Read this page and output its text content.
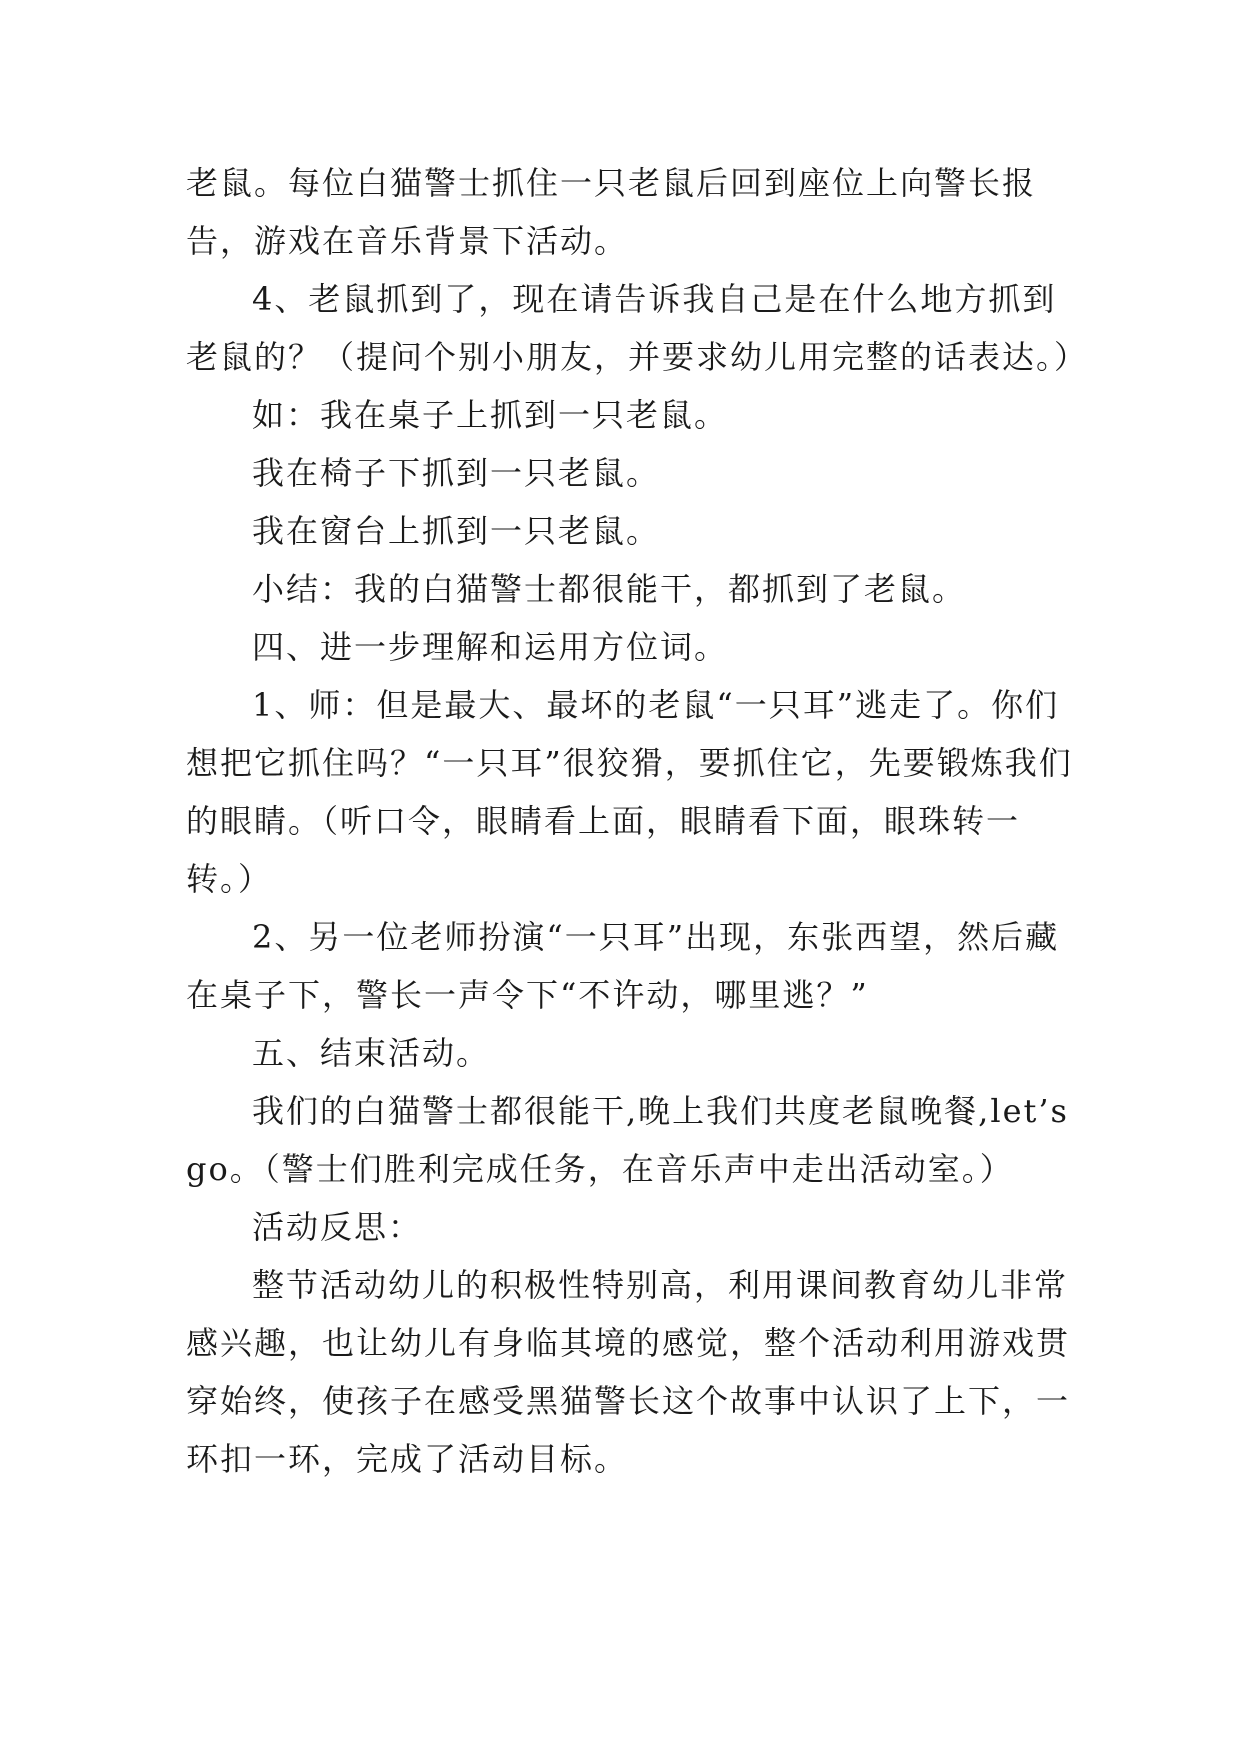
老鼠。每位白猫警士抓住一只老鼠后回到座位上向警长报告，游戏在音乐背景下活动。

4、老鼠抓到了，现在请告诉我自己是在什么地方抓到老鼠的？（提问个别小朋友，并要求幼儿用完整的话表达。）

如：我在桌子上抓到一只老鼠。

我在椅子下抓到一只老鼠。

我在窗台上抓到一只老鼠。

小结：我的白猫警士都很能干，都抓到了老鼠。

四、进一步理解和运用方位词。

1、师：但是最大、最坏的老鼠“一只耳”逃走了。你们想把它抓住吗？“一只耳”很狡猾，要抓住它，先要锻炼我们的眼睛。（听口令，眼睛看上面，眼睛看下面，眼珠转一转。）

2、另一位老师扮演“一只耳”出现，东张西望，然后藏在桌子下，警长一声令下“不许动，哪里逃？”

五、结束活动。

我们的白猫警士都很能干,晚上我们共度老鼠晚餐,let’s go。（警士们胜利完成任务，在音乐声中走出活动室。）

活动反思：

整节活动幼儿的积极性特别高，利用课间教育幼儿非常感兴趣，也让幼儿有身临其境的感觉，整个活动利用游戏贯穿始终，使孩子在感受黑猫警长这个故事中认识了上下，一环扣一环，完成了活动目标。
